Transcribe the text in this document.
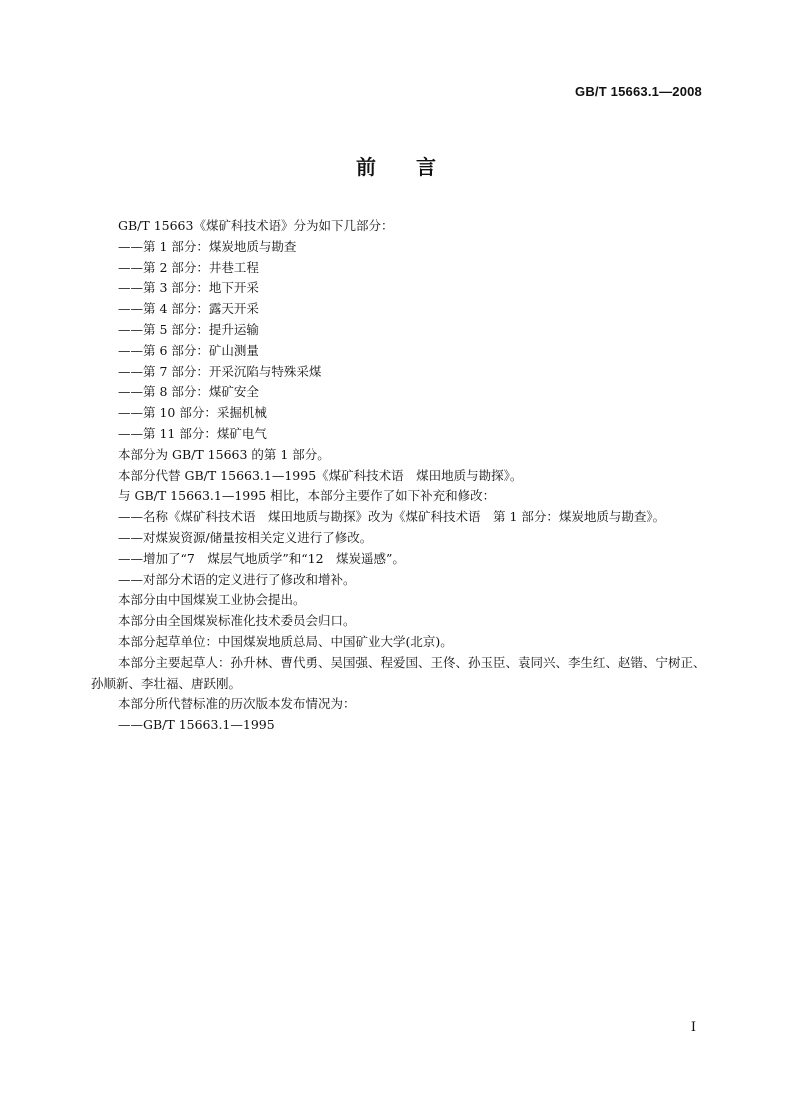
GB/T 15663.1—2008
前言
GB/T 15663《煤矿科技术语》分为如下几部分：
——第 1 部分：煤炭地质与勘查
——第 2 部分：井巷工程
——第 3 部分：地下开采
——第 4 部分：露天开采
——第 5 部分：提升运输
——第 6 部分：矿山测量
——第 7 部分：开采沉陷与特殊采煤
——第 8 部分：煤矿安全
——第 10 部分：采掘机械
——第 11 部分：煤矿电气
本部分为 GB/T 15663 的第 1 部分。
本部分代替 GB/T 15663.1—1995《煤矿科技术语　煤田地质与勘探》。
与 GB/T 15663.1—1995 相比，本部分主要作了如下补充和修改：
——名称《煤矿科技术语　煤田地质与勘探》改为《煤矿科技术语　第 1 部分：煤炭地质与勘查》。
——对煤炭资源/储量按相关定义进行了修改。
——增加了“7　煤层气地质学”和“12　煤炭遥感”。
——对部分术语的定义进行了修改和增补。
本部分由中国煤炭工业协会提出。
本部分由全国煤炭标准化技术委员会归口。
本部分起草单位：中国煤炭地质总局、中国矿业大学(北京)。
本部分主要起草人：孙升林、曹代勇、吴国强、程爱国、王佟、孙玉臣、袁同兴、李生红、赵锴、宁树正、孙顺新、李壮福、唐跃刚。
本部分所代替标准的历次版本发布情况为：
——GB/T 15663.1—1995
I
